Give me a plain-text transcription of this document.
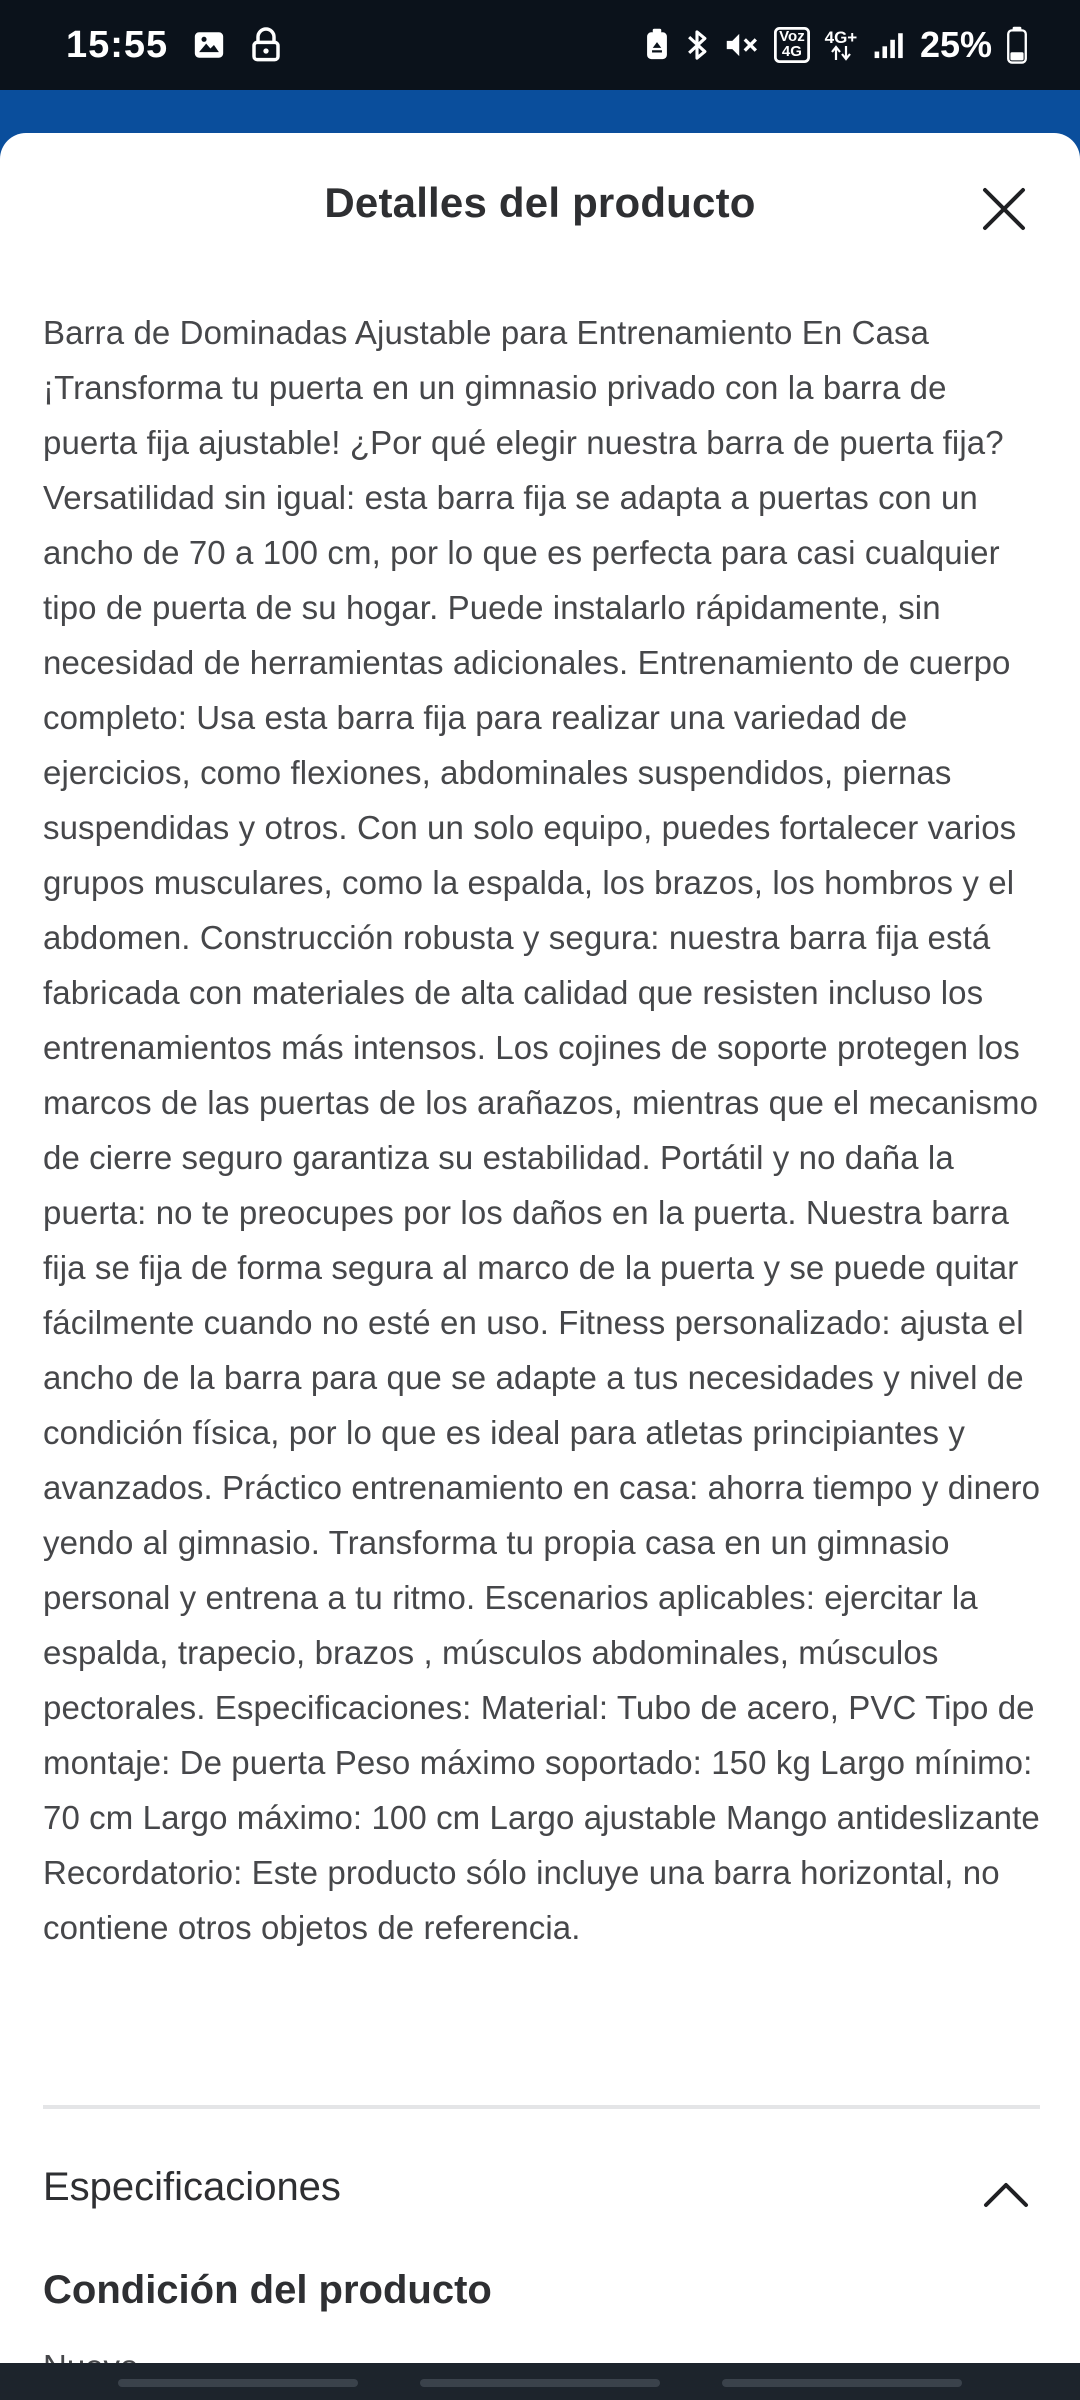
15:55	Voz
4G
4G+ 25%
Detalles del producto

Barra de Dominadas Ajustable para Entrenamiento En Casa ¡Transforma tu puerta en un gimnasio privado con la barra de puerta fija ajustable! ¿Por qué elegir nuestra barra de puerta fija? Versatilidad sin igual: esta barra fija se adapta a puertas con un ancho de 70 a 100 cm, por lo que es perfecta para casi cualquier tipo de puerta de su hogar. Puede instalarlo rápidamente, sin necesidad de herramientas adicionales. Entrenamiento de cuerpo completo: Usa esta barra fija para realizar una variedad de ejercicios, como flexiones, abdominales suspendidos, piernas suspendidas y otros. Con un solo equipo, puedes fortalecer varios grupos musculares, como la espalda, los brazos, los hombros y el abdomen. Construcción robusta y segura: nuestra barra fija está fabricada con materiales de alta calidad que resisten incluso los entrenamientos más intensos. Los cojines de soporte protegen los marcos de las puertas de los arañazos, mientras que el mecanismo de cierre seguro garantiza su estabilidad. Portátil y no daña la puerta: no te preocupes por los daños en la puerta. Nuestra barra fija se fija de forma segura al marco de la puerta y se puede quitar fácilmente cuando no esté en uso. Fitness personalizado: ajusta el ancho de la barra para que se adapte a tus necesidades y nivel de condición física, por lo que es ideal para atletas principiantes y avanzados. Práctico entrenamiento en casa: ahorra tiempo y dinero yendo al gimnasio. Transforma tu propia casa en un gimnasio personal y entrena a tu ritmo. Escenarios aplicables: ejercitar la espalda, trapecio, brazos , músculos abdominales, músculos pectorales. Especificaciones: Material: Tubo de acero, PVC Tipo de montaje: De puerta Peso máximo soportado: 150 kg Largo mínimo: 70 cm Largo máximo: 100 cm Largo ajustable Mango antideslizante Recordatorio: Este producto sólo incluye una barra horizontal, no contiene otros objetos de referencia.

Especificaciones
Condición del producto
